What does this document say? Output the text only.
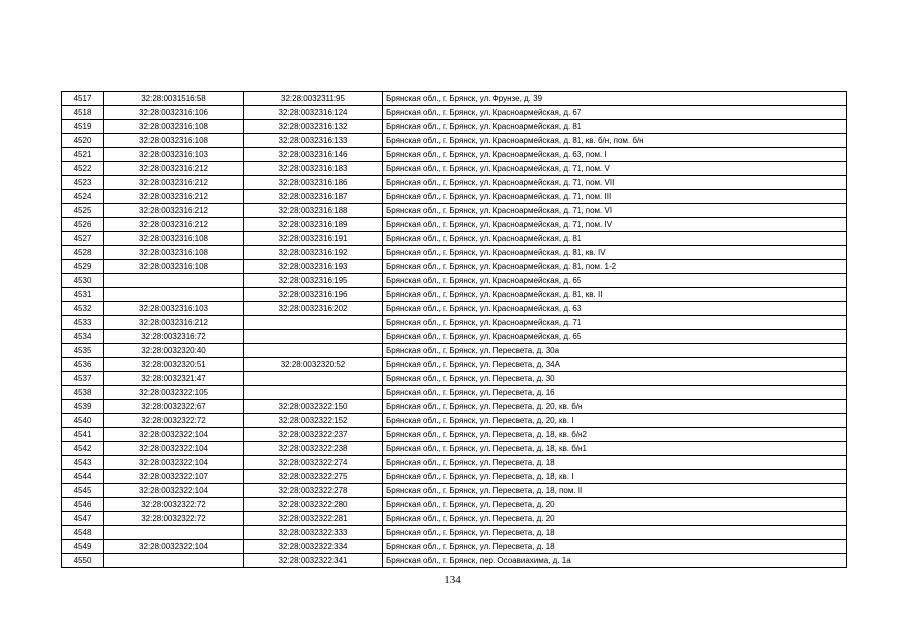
4517	32:28:0031516:58	32:28:0032311:95	Брянская обл., г. Брянск, ул. Фрунзе, д. 39
4518	32:28:0032316:106	32:28:0032316:124	Брянская обл., г. Брянск, ул. Красноармейская, д. 67
4519	32:28:0032316:108	32:28:0032316:132	Брянская обл., г. Брянск, ул. Красноармейская, д. 81
4520	32:28:0032316:108	32:28:0032316:133	Брянская обл., г. Брянск, ул. Красноармейская, д. 81, кв. б/н, пом. б/н
4521	32:28:0032316:103	32:28:0032316:146	Брянская обл., г. Брянск, ул. Красноармейская, д. 63, пом. I
4522	32:28:0032316:212	32:28:0032316:183	Брянская обл., г. Брянск, ул. Красноармейская, д. 71, пом. V
4523	32:28:0032316:212	32:28:0032316:186	Брянская обл., г. Брянск, ул. Красноармейская, д. 71, пом. VII
4524	32:28:0032316:212	32:28:0032316:187	Брянская обл., г. Брянск, ул. Красноармейская, д. 71, пом. III
4525	32:28:0032316:212	32:28:0032316:188	Брянская обл., г. Брянск, ул. Красноармейская, д. 71, пом. VI
4526	32:28:0032316:212	32:28:0032316:189	Брянская обл., г. Брянск, ул. Красноармейская, д. 71, пом. IV
4527	32:28:0032316:108	32:28:0032316:191	Брянская обл., г. Брянск, ул. Красноармейская, д. 81
4528	32:28:0032316:108	32:28:0032316:192	Брянская обл., г. Брянск, ул. Красноармейская, д. 81, кв. IV
4529	32:28:0032316:108	32:28:0032316:193	Брянская обл., г. Брянск, ул. Красноармейская, д. 81, пом. 1-2
4530		32:28:0032316:195	Брянская обл., г. Брянск, ул. Красноармейская, д. 65
4531		32:28:0032316:196	Брянская обл., г. Брянск, ул. Красноармейская, д. 81, кв. II
4532	32:28:0032316:103	32:28:0032316:202	Брянская обл., г. Брянск, ул. Красноармейская, д. 63
4533	32:28:0032316:212		Брянская обл., г. Брянск, ул. Красноармейская, д. 71
4534	32:28:0032316:72		Брянская обл., г. Брянск, ул. Красноармейская, д. 65
4535	32:28:0032320:40		Брянская обл., г. Брянск, ул. Пересвета, д. 30а
4536	32:28:0032320:51	32:28:0032320:52	Брянская обл., г. Брянск, ул. Пересвета, д. 34А
4537	32:28:0032321:47		Брянская обл., г. Брянск, ул. Пересвета, д. 30
4538	32:28:0032322:105		Брянская обл., г. Брянск, ул. Пересвета, д. 16
4539	32:28:0032322:67	32:28:0032322:150	Брянская обл., г. Брянск, ул. Пересвета, д. 20, кв. б/н
4540	32:28:0032322:72	32:28:0032322:152	Брянская обл., г. Брянск, ул. Пересвета, д. 20, кв. I
4541	32:28:0032322:104	32:28:0032322:237	Брянская обл., г. Брянск, ул. Пересвета, д. 18, кв. б/н2
4542	32:28:0032322:104	32:28:0032322:238	Брянская обл., г. Брянск, ул. Пересвета, д. 18, кв. б/н1
4543	32:28:0032322:104	32:28:0032322:274	Брянская обл., г. Брянск, ул. Пересвета, д. 18
4544	32:28:0032322:107	32:28:0032322:275	Брянская обл., г. Брянск, ул. Пересвета, д. 18, кв. I
4545	32:28:0032322:104	32:28:0032322:278	Брянская обл., г. Брянск, ул. Пересвета, д. 18, пом. II
4546	32:28:0032322:72	32:28:0032322:280	Брянская обл., г. Брянск, ул. Пересвета, д. 20
4547	32:28:0032322:72	32:28:0032322:281	Брянская обл., г. Брянск, ул. Пересвета, д. 20
4548		32:28:0032322:333	Брянская обл., г. Брянск, ул. Пересвета, д. 18
4549	32:28:0032322:104	32:28:0032322:334	Брянская обл., г. Брянск, ул. Пересвета, д. 18
4550		32:28:0032322:341	Брянская обл., г. Брянск, пер. Осоавиахима, д. 1а
134
